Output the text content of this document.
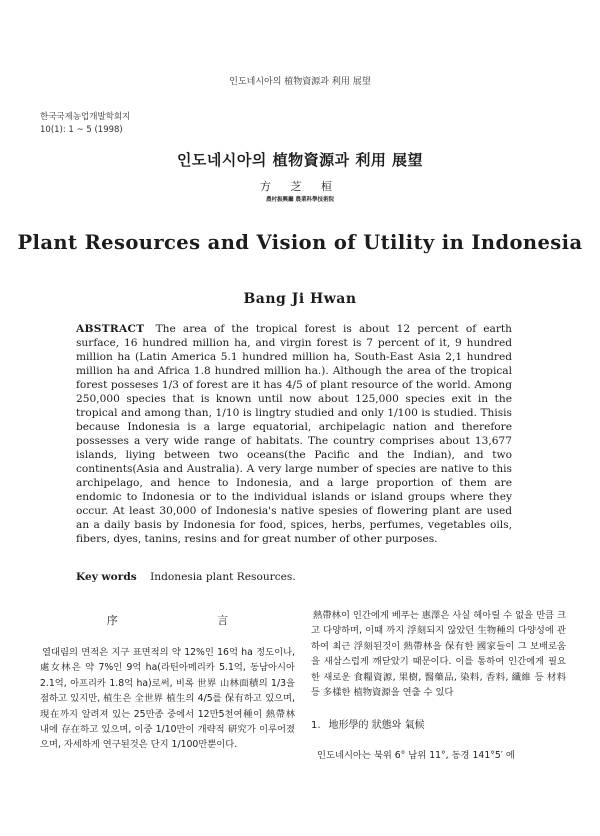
인도네시아의 植物資源과 利用 展望
한국국제농업개발학회지
10(1): 1 ~ 5 (1998)
인도네시아의 植物資源과 利用 展望
方 芝 桓
農村振興廳 農業科學技術院
Plant Resources and Vision of Utility in Indonesia
Bang Ji Hwan

ABSTRACT The area of the tropical forest is about 12 percent of earth surface, 16 hundred million ha, and virgin forest is 7 percent of it, 9 hundred million ha (Latin America 5.1 hundred million ha, South-East Asia 2,1 hundred million ha and Africa 1.8 hundred million ha.). Although the area of the tropical forest posseses 1/3 of forest are it has 4/5 of plant resource of the world. Among 250,000 species that is known until now about 125,000 species exit in the tropical and among than, 1/10 is lingtry studied and only 1/100 is studied. Thisis because Indonesia is a large equatorial, archipelagic nation and therefore possesses a very wide range of habitats. The country comprises about 13,677 islands, liying between two oceans(the Pacific and the Indian), and two continents(Asia and Australia). A very large number of species are native to this archipelago, and hence to Indonesia, and a large proportion of them are endomic to Indonesia or to the individual islands or island groups where they occur. At least 30,000 of Indonesia's native spesies of flowering plant are used an a daily basis by Indonesia for food, spices, herbs, perfumes, vegetables oils, fibers, dyes, tanins, resins and for great number of other purposes.

Key words Indonesia plant Resources.
序 言

열대림의 면적은 지구 표면적의 약 12%인 16억 ha 정도이나, 處女林은 약 7%인 9억 ha(라틴아메리카 5.1억, 동남아시아 2.1억, 아프리카 1.8억 ha)로써, 비록 世界 山林面積의 1/3을 점하고 있지만, 植生은 全世界 植生의 4/5를 保有하고 있으며, 現在까지 알려져 있는 25만종 중에서 12만5천여種이 熱帶林내에 存在하고 있으며, 이중 1/10만이 개략적 研究가 이루어졌으며, 자세하게 연구된것은 단지 1/100만뿐이다.

熱帶林이 인간에게 베푸는 惠澤은 사실 헤아릴 수 없을 만큼 크고 다양하며, 이때 까지 浮刻되지 않았던 生物種의 다양성에 관하여 최근 浮刻된것이 熱帶林을 保有한 國家들이 그 보배로움을 새삼스럽게 깨닫았기 때문이다. 이를 통하여 인간에게 필요한 새로운 食糧資源, 果樹, 醫藥品, 染料, 香料, 纖維 등 材料 등 多樣한 植物資源을 연출 수 있다

1. 地形學的 狀態와 氣候

인도네시아는 북위 6° 남위 11°, 동경 141°5′ 에
